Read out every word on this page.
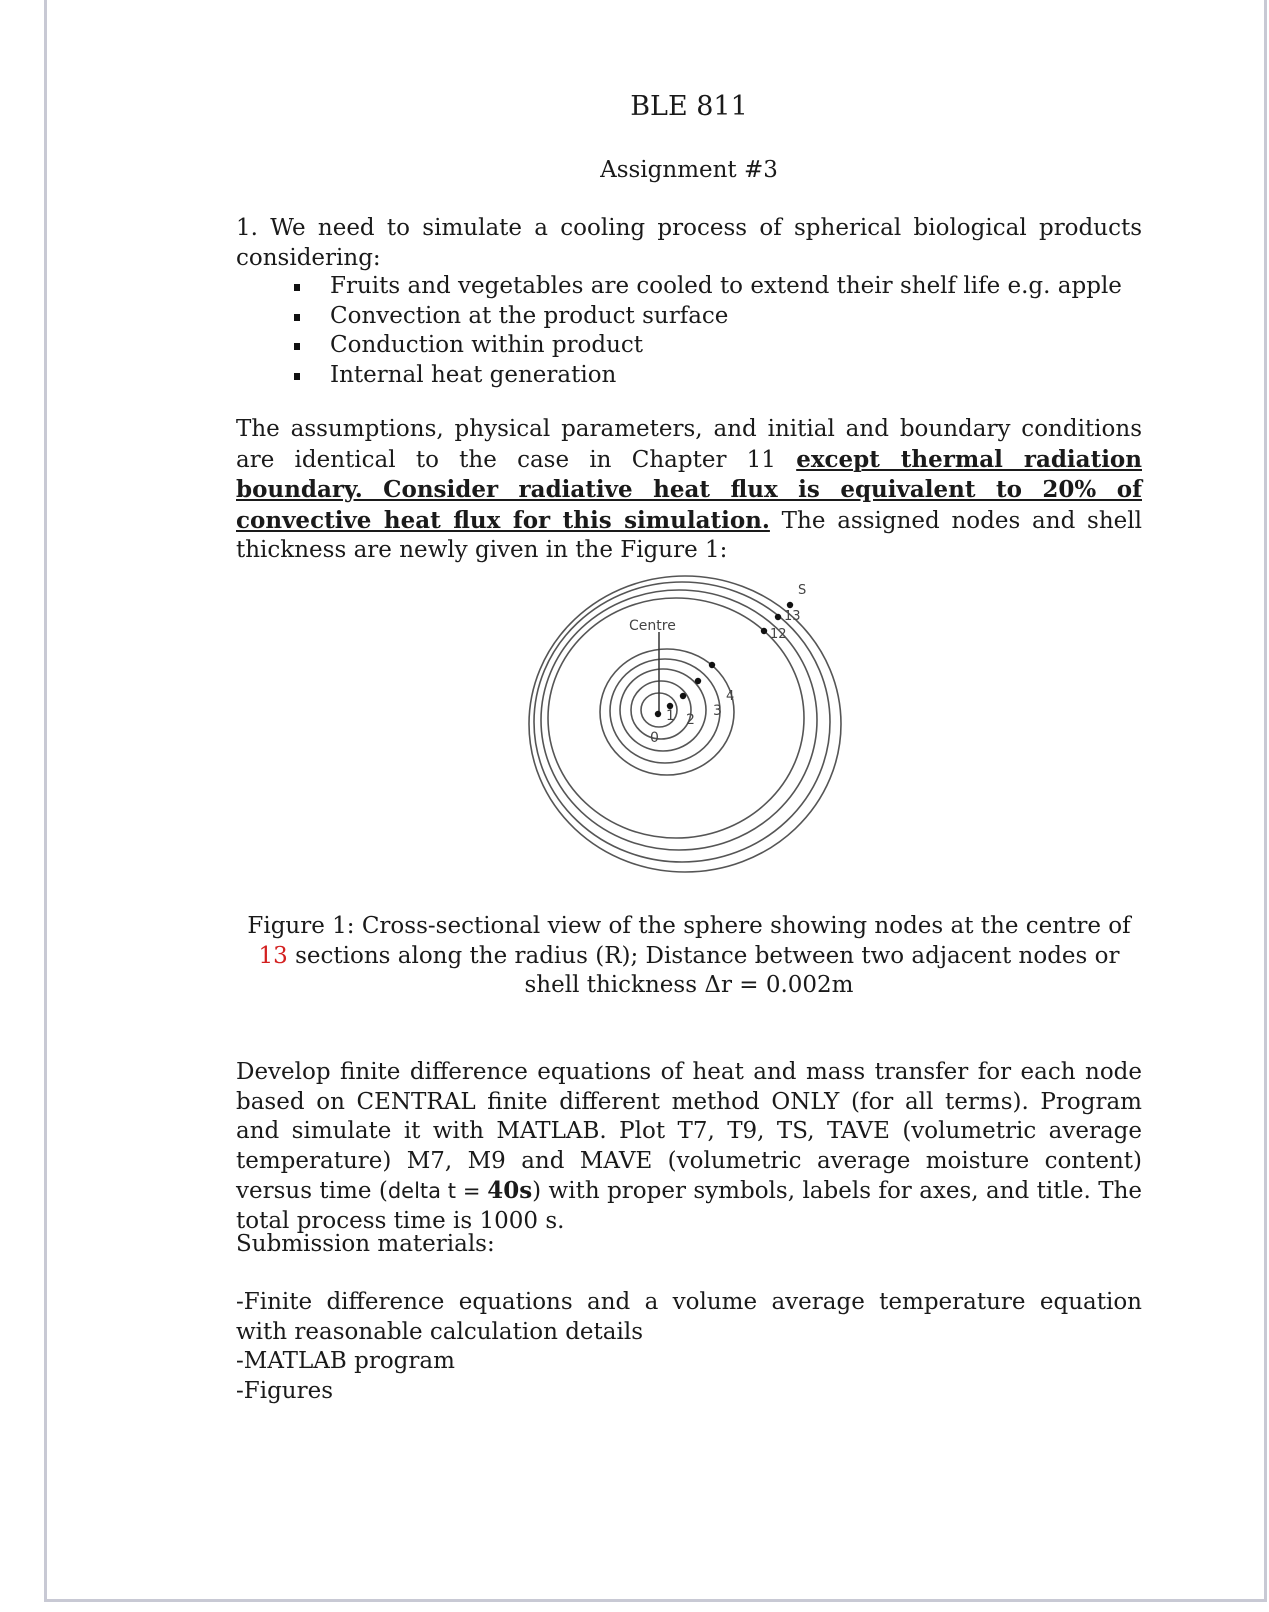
BLE 811
Assignment #3
1. We need to simulate a cooling process of spherical biological products considering:
Fruits and vegetables are cooled to extend their shelf life e.g. apple
Convection at the product surface
Conduction within product
Internal heat generation
The assumptions, physical parameters, and initial and boundary conditions are identical to the case in Chapter 11 except thermal radiation boundary. Consider radiative heat flux is equivalent to 20% of convective heat flux for this simulation. The assigned nodes and shell thickness are newly given in the Figure 1:
Centre
0
1 2
3
4
12
13
S
Figure 1: Cross-sectional view of the sphere showing nodes at the centre of 13 sections along the radius (R); Distance between two adjacent nodes or shell thickness Δr = 0.002m
Develop finite difference equations of heat and mass transfer for each node based on CENTRAL finite different method ONLY (for all terms). Program and simulate it with MATLAB. Plot T7, T9, TS, TAVE (volumetric average temperature) M7, M9 and MAVE (volumetric average moisture content) versus time (delta t = 40s) with proper symbols, labels for axes, and title. The total process time is 1000 s.
Submission materials:
-Finite difference equations and a volume average temperature equation with reasonable calculation details
-MATLAB program
-Figures
